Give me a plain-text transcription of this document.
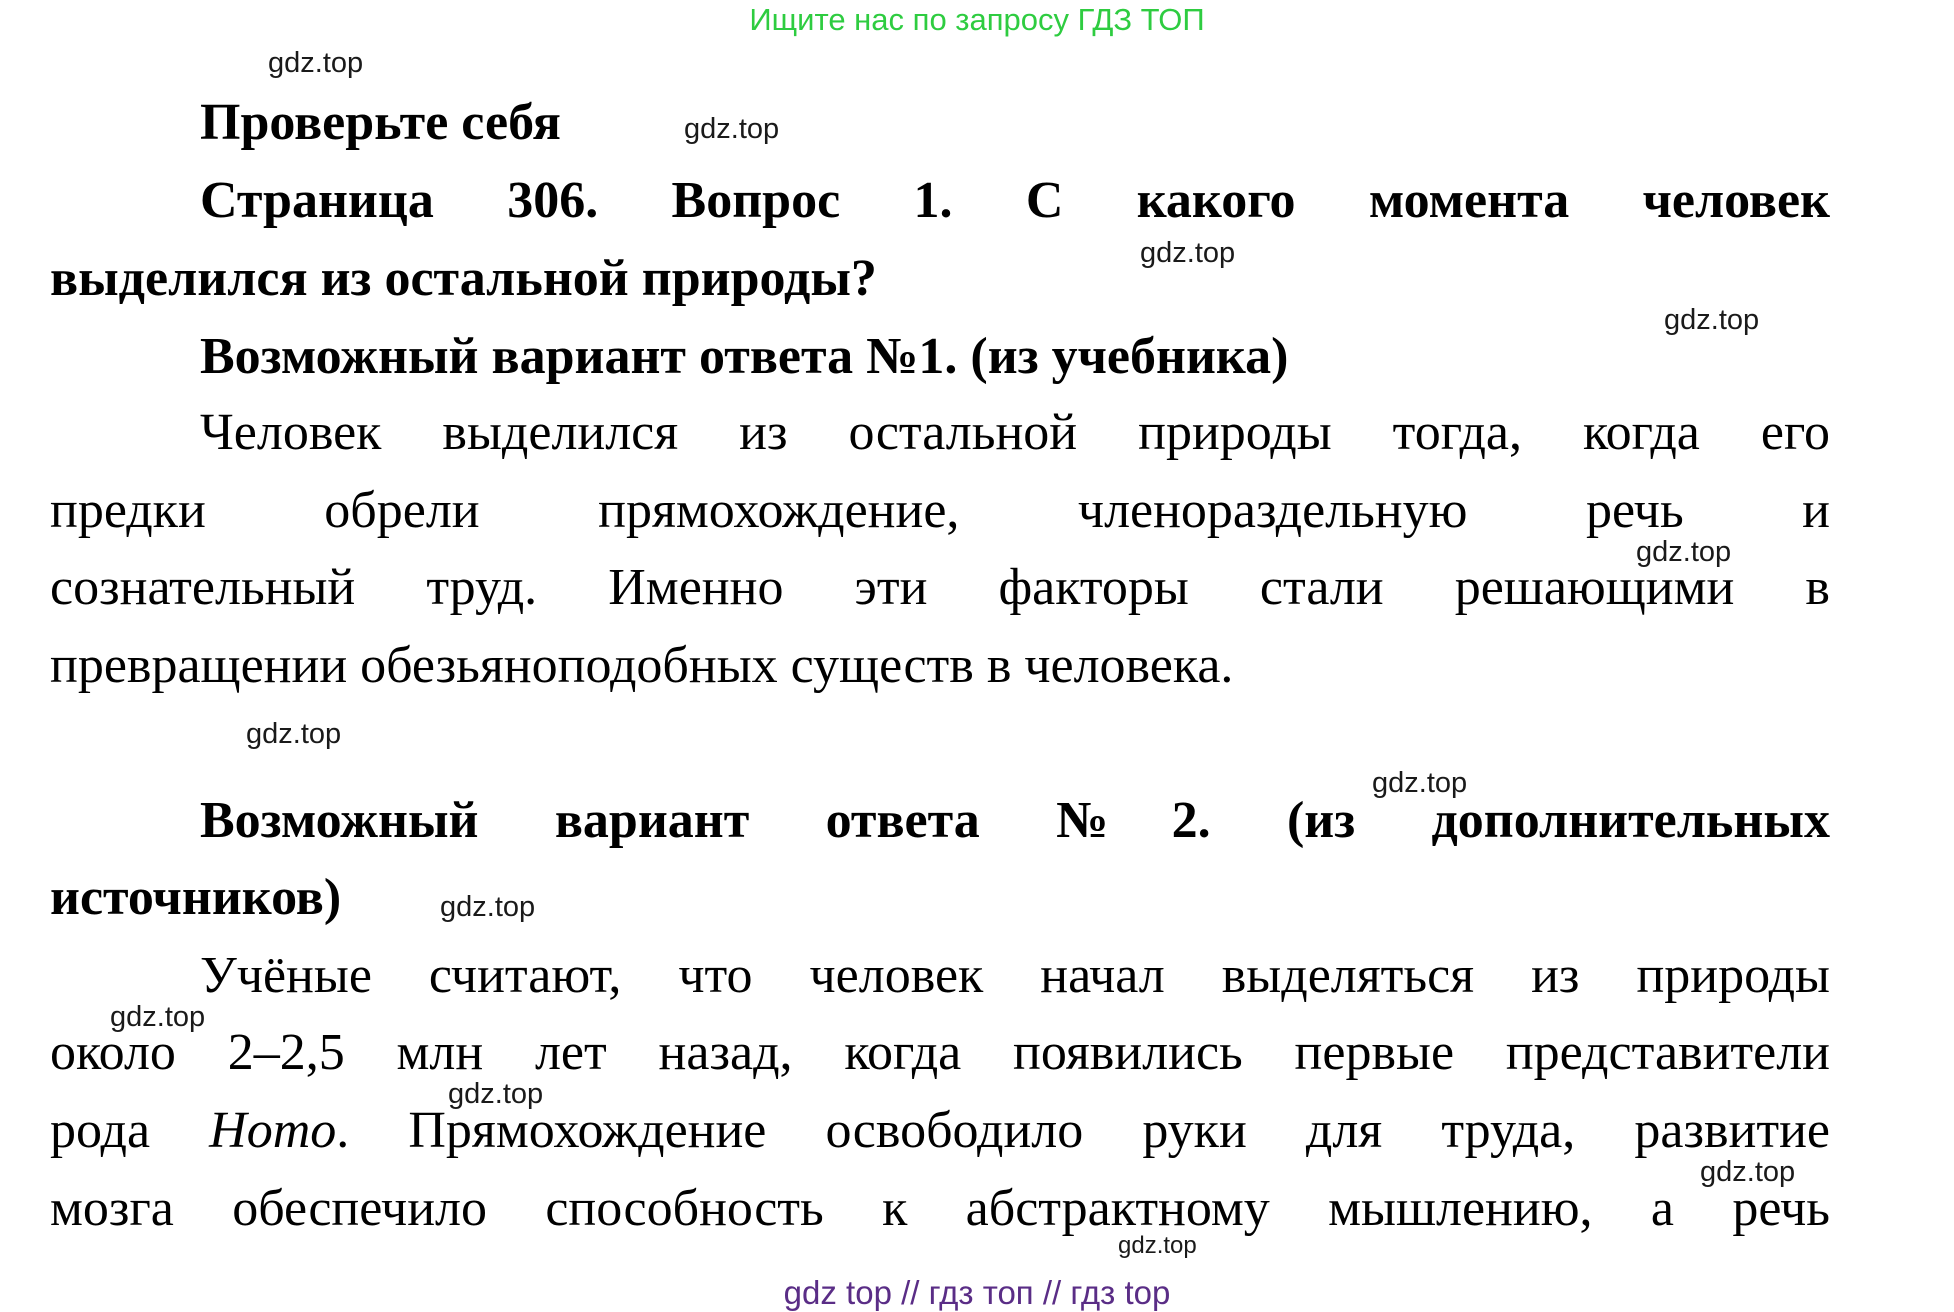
Ищите нас по запросу ГДЗ ТОП
gdz.top
Проверьте себя	gdz.top
Страница 306. Вопрос 1. С какого момента человек
выделился из остальной природы?	gdz.top
gdz.top
Возможный вариант ответа №1. (из учебника)
Человек выделился из остальной природы тогда, когда его
предки обрели прямохождение, членораздельную речь и
gdz.top
сознательный труд. Именно эти факторы стали решающими в
превращении обезьяноподобных существ в человека.
gdz.top
gdz.top
Возможный вариант ответа №2. (из дополнительных
источников)	gdz.top
Учёные считают, что человек начал выделяться из природы
gdz.top
около 2–2,5 млн лет назад, когда появились первые представители
gdz.top
рода Homo. Прямохождение освободило руки для труда, развитие
gdz.top
мозга обеспечило способность к абстрактному мышлению, а речь
gdz.top
gdz top // гдз топ // гдз top
